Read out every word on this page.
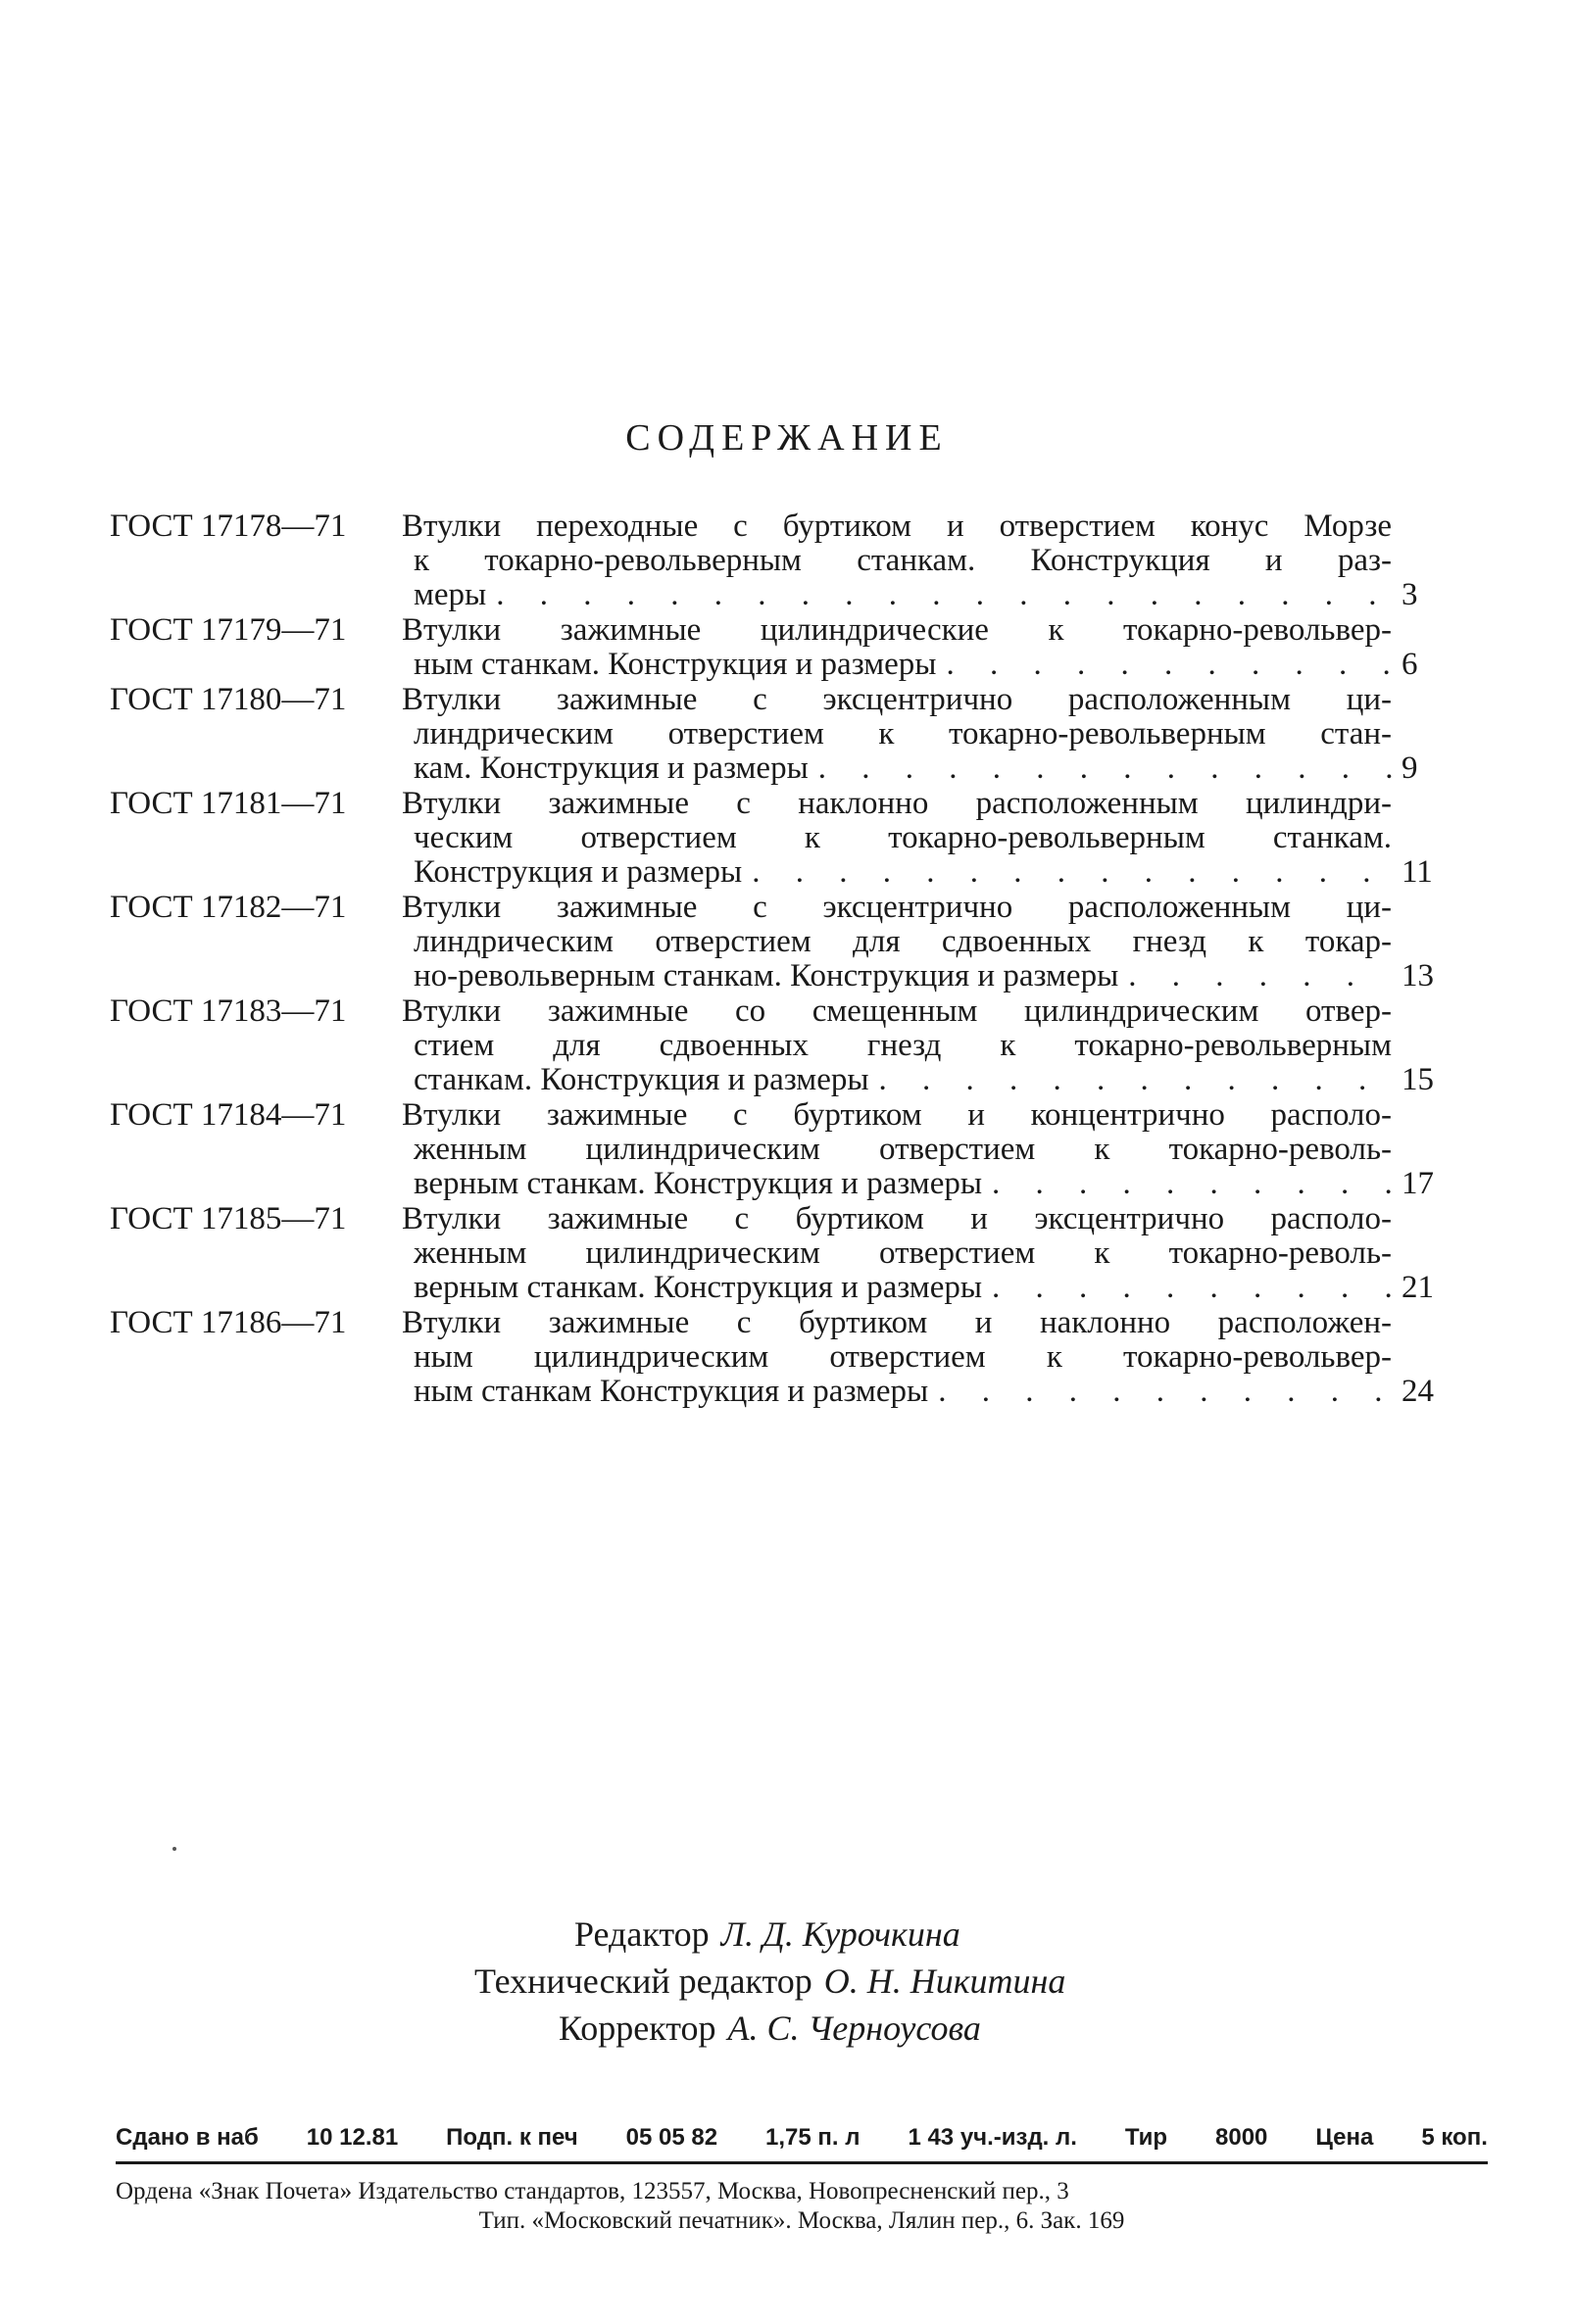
СОДЕРЖАНИЕ
ГОСТ 17178—71 Втулки переходные с буртиком и отверстием конус Морзе
к токарно-револьверным станкам. Конструкция и раз-
меры . . .	3
ГОСТ 17179—71 Втулки зажимные цилиндрические к токарно-револьвер-
ным станкам. Конструкция и размеры . . .	6
ГОСТ 17180—71 Втулки зажимные с эксцентрично расположенным ци-
линдрическим отверстием к токарно-револьверным стан-
кам. Конструкция и размеры . . .	9
ГОСТ 17181—71 Втулки зажимные с наклонно расположенным цилиндри-
ческим отверстием к токарно-револьверным станкам.
Конструкция и размеры . . .	11
ГОСТ 17182—71 Втулки зажимные с эксцентрично расположенным ци-
линдрическим отверстием для сдвоенных гнезд к токар-
но-револьверным станкам. Конструкция и размеры . . .	13
ГОСТ 17183—71 Втулки зажимные со смещенным цилиндрическим отвер-
стием для сдвоенных гнезд к токарно-револьверным
станкам. Конструкция и размеры . . .	15
ГОСТ 17184—71 Втулки зажимные с буртиком и концентрично располо-
женным цилиндрическим отверстием к токарно-револь-
верным станкам. Конструкция и размеры . . .	17
ГОСТ 17185—71 Втулки зажимные с буртиком и эксцентрично располо-
женным цилиндрическим отверстием к токарно-револь-
верным станкам. Конструкция и размеры . . .	21
ГОСТ 17186—71 Втулки зажимные с буртиком и наклонно расположен-
ным цилиндрическим отверстием к токарно-револьвер-
ным станкам Конструкция и размеры . . .	24
Редактор Л. Д. Курочкина
Технический редактор О. Н. Никитина
Корректор А. С. Черноусова
Сдано в наб 10 12.81 Подп. к печ 05 05 82 1,75 п. л 1 43 уч.-изд. л. Тир 8000 Цена 5 коп.
Ордена «Знак Почета» Издательство стандартов, 123557, Москва, Новопресненский пер., 3
Тип. «Московский печатник». Москва, Лялин пер., 6. Зак. 169
